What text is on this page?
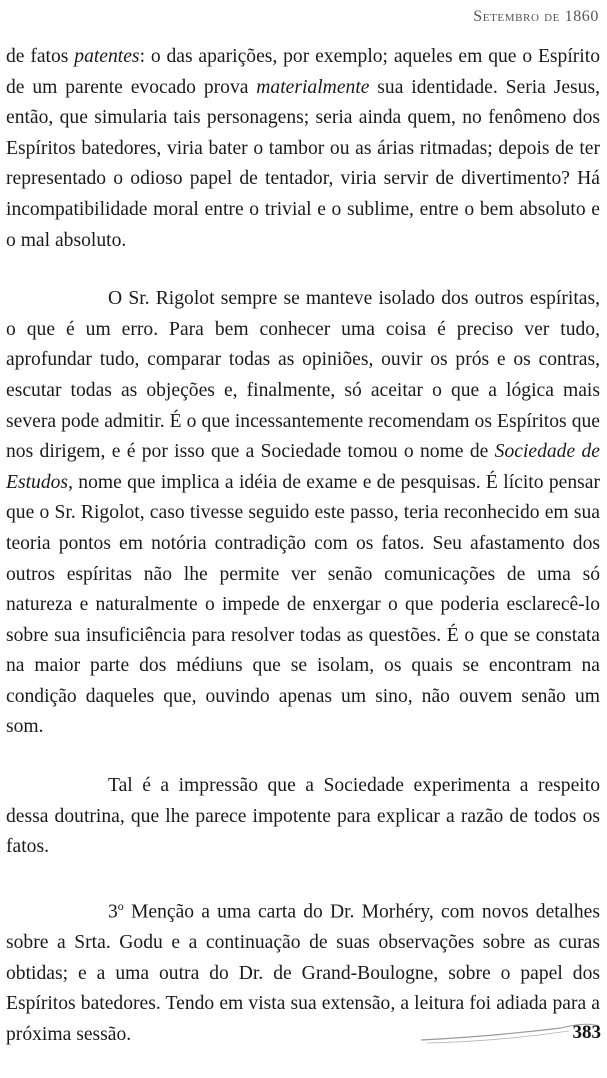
Setembro de 1860

de fatos patentes: o das aparições, por exemplo; aqueles em que o Espírito de um parente evocado prova materialmente sua identidade. Seria Jesus, então, que simularia tais personagens; seria ainda quem, no fenômeno dos Espíritos batedores, viria bater o tambor ou as árias ritmadas; depois de ter representado o odioso papel de tentador, viria servir de divertimento? Há incompatibilidade moral entre o trivial e o sublime, entre o bem absoluto e o mal absoluto.

O Sr. Rigolot sempre se manteve isolado dos outros espíritas, o que é um erro. Para bem conhecer uma coisa é preciso ver tudo, aprofundar tudo, comparar todas as opiniões, ouvir os prós e os contras, escutar todas as objeções e, finalmente, só aceitar o que a lógica mais severa pode admitir. É o que incessantemente recomendam os Espíritos que nos dirigem, e é por isso que a Sociedade tomou o nome de Sociedade de Estudos, nome que implica a idéia de exame e de pesquisas. É lícito pensar que o Sr. Rigolot, caso tivesse seguido este passo, teria reconhecido em sua teoria pontos em notória contradição com os fatos. Seu afastamento dos outros espíritas não lhe permite ver senão comunicações de uma só natureza e naturalmente o impede de enxergar o que poderia esclarecê-lo sobre sua insuficiência para resolver todas as questões. É o que se constata na maior parte dos médiuns que se isolam, os quais se encontram na condição daqueles que, ouvindo apenas um sino, não ouvem senão um som.

Tal é a impressão que a Sociedade experimenta a respeito dessa doutrina, que lhe parece impotente para explicar a razão de todos os fatos.

3$^o$ Menção a uma carta do Dr. Morhéry, com novos detalhes sobre a Srta. Godu e a continuação de suas observações sobre as curas obtidas; e a uma outra do Dr. de Grand-Boulogne, sobre o papel dos Espíritos batedores. Tendo em vista sua extensão, a leitura foi adiada para a próxima sessão.	383
